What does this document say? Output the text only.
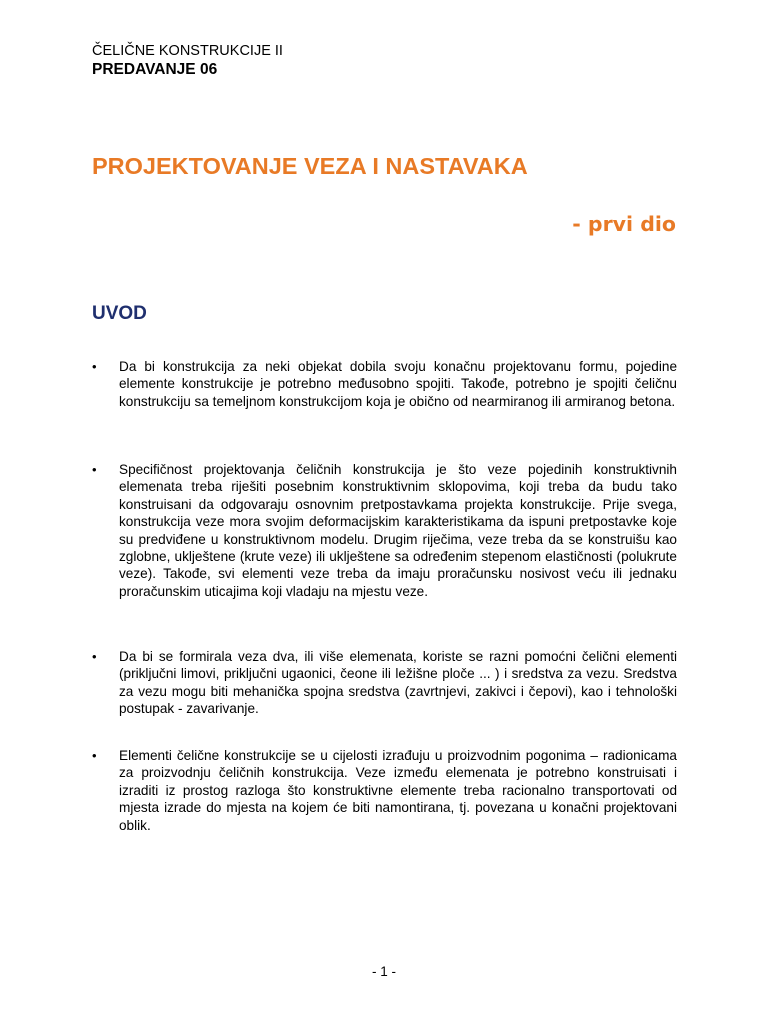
ČELIČNE KONSTRUKCIJE II
PREDAVANJE 06
PROJEKTOVANJE VEZA I NASTAVAKA
- prvi dio
UVOD
•	Da bi konstrukcija za neki objekat dobila svoju konačnu projektovanu formu, pojedine elemente konstrukcije je potrebno međusobno spojiti. Takođe, potrebno je spojiti čeličnu konstrukciju sa temeljnom konstrukcijom koja je obično od nearmiranog ili armiranog betona.
•	Specifičnost projektovanja čeličnih konstrukcija je što veze pojedinih konstruktivnih elemenata treba riješiti posebnim konstruktivnim sklopovima, koji treba da budu tako konstruisani da odgovaraju osnovnim pretpostavkama projekta konstrukcije. Prije svega, konstrukcija veze mora svojim deformacijskim karakteristikama da ispuni pretpostavke koje su predviđene u konstruktivnom modelu. Drugim riječima, veze treba da se konstruišu kao zglobne, uklještene (krute veze) ili uklještene sa određenim stepenom elastičnosti (polukrute veze). Takođe, svi elementi veze treba da imaju proračunsku nosivost veću ili jednaku proračunskim uticajima koji vladaju na mjestu veze.
•	Da bi se formirala veza dva, ili više elemenata, koriste se razni pomoćni čelični elementi (priključni limovi, priključni ugaonici, čeone ili ležišne ploče ... ) i sredstva za vezu. Sredstva za vezu mogu biti mehanička spojna sredstva (zavrtnjevi, zakivci i čepovi), kao i tehnološki postupak - zavarivanje.
•	Elementi čelične konstrukcije se u cijelosti izrađuju u proizvodnim pogonima – radionicama za proizvodnju čeličnih konstrukcija. Veze između elemenata je potrebno konstruisati i izraditi iz prostog razloga što konstruktivne elemente treba racionalno transportovati od mjesta izrade do mjesta na kojem će biti namontirana, tj. povezana u konačni projektovani oblik.
- 1 -
